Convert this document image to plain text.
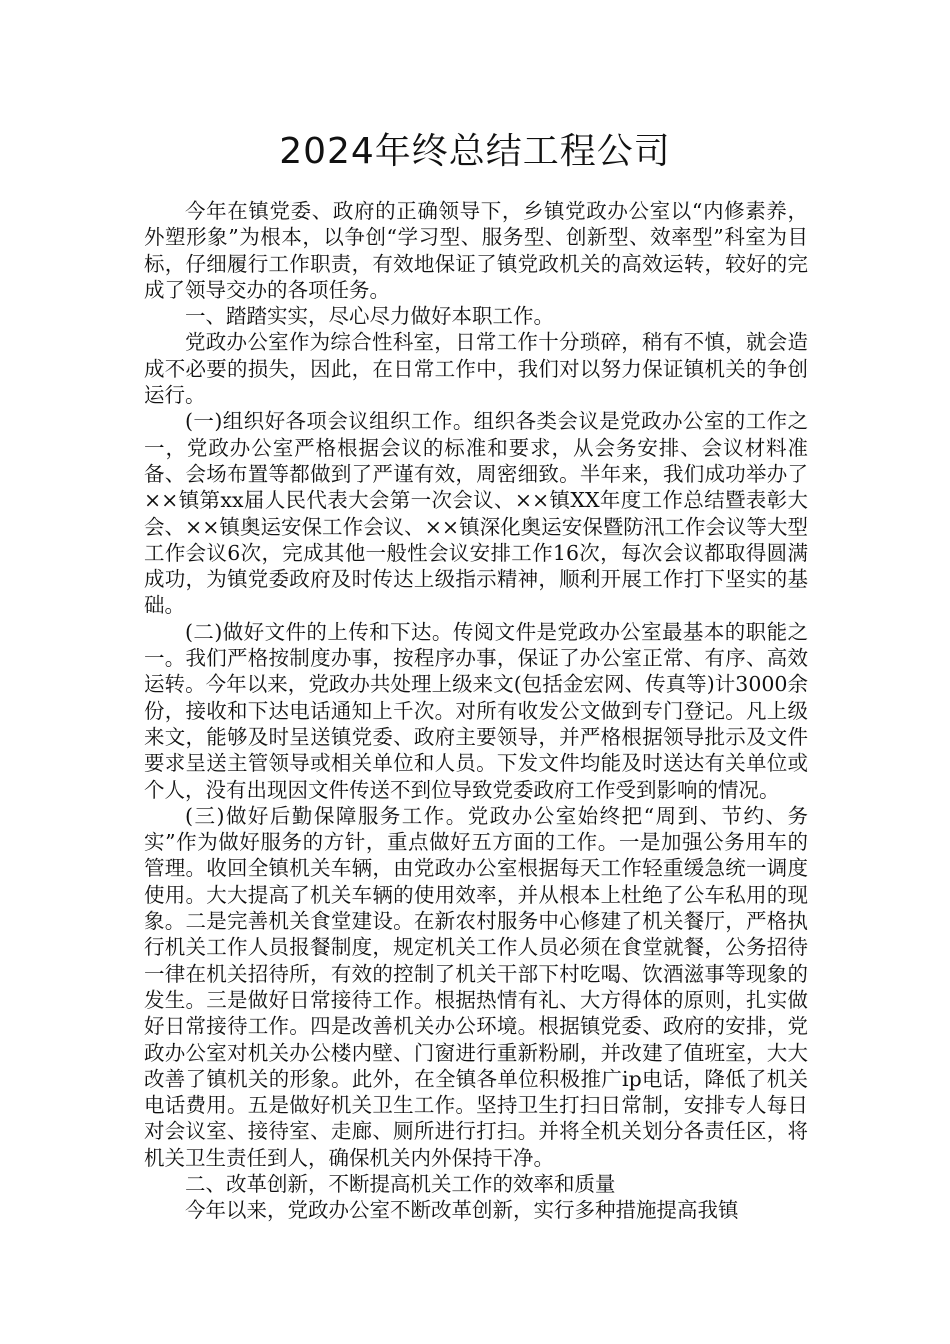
2024年终总结工程公司

今年在镇党委、政府的正确领导下，乡镇党政办公室以“内修素养，外塑形象”为根本，以争创“学习型、服务型、创新型、效率型”科室为目标，仔细履行工作职责，有效地保证了镇党政机关的高效运转，较好的完成了领导交办的各项任务。

一、踏踏实实，尽心尽力做好本职工作。

党政办公室作为综合性科室，日常工作十分琐碎，稍有不慎，就会造成不必要的损失，因此，在日常工作中，我们对以努力保证镇机关的争创运行。

(一)组织好各项会议组织工作。组织各类会议是党政办公室的工作之一，党政办公室严格根据会议的标准和要求，从会务安排、会议材料准备、会场布置等都做到了严谨有效，周密细致。半年来，我们成功举办了××镇第xx届人民代表大会第一次会议、××镇XX年度工作总结暨表彰大会、××镇奥运安保工作会议、××镇深化奥运安保暨防汛工作会议等大型工作会议6次，完成其他一般性会议安排工作16次，每次会议都取得圆满成功，为镇党委政府及时传达上级指示精神，顺利开展工作打下坚实的基础。

(二)做好文件的上传和下达。传阅文件是党政办公室最基本的职能之一。我们严格按制度办事，按程序办事，保证了办公室正常、有序、高效运转。今年以来，党政办共处理上级来文(包括金宏网、传真等)计3000余份，接收和下达电话通知上千次。对所有收发公文做到专门登记。凡上级来文，能够及时呈送镇党委、政府主要领导，并严格根据领导批示及文件要求呈送主管领导或相关单位和人员。下发文件均能及时送达有关单位或个人，没有出现因文件传送不到位导致党委政府工作受到影响的情况。

(三)做好后勤保障服务工作。党政办公室始终把“周到、节约、务实”作为做好服务的方针，重点做好五方面的工作。一是加强公务用车的管理。收回全镇机关车辆，由党政办公室根据每天工作轻重缓急统一调度使用。大大提高了机关车辆的使用效率，并从根本上杜绝了公车私用的现象。二是完善机关食堂建设。在新农村服务中心修建了机关餐厅，严格执行机关工作人员报餐制度，规定机关工作人员必须在食堂就餐，公务招待一律在机关招待所，有效的控制了机关干部下村吃喝、饮酒滋事等现象的发生。三是做好日常接待工作。根据热情有礼、大方得体的原则，扎实做好日常接待工作。四是改善机关办公环境。根据镇党委、政府的安排，党政办公室对机关办公楼内壁、门窗进行重新粉刷，并改建了值班室，大大改善了镇机关的形象。此外，在全镇各单位积极推广ip电话，降低了机关电话费用。五是做好机关卫生工作。坚持卫生打扫日常制，安排专人每日对会议室、接待室、走廊、厕所进行打扫。并将全机关划分各责任区，将机关卫生责任到人，确保机关内外保持干净。

二、改革创新，不断提高机关工作的效率和质量

今年以来，党政办公室不断改革创新，实行多种措施提高我镇
